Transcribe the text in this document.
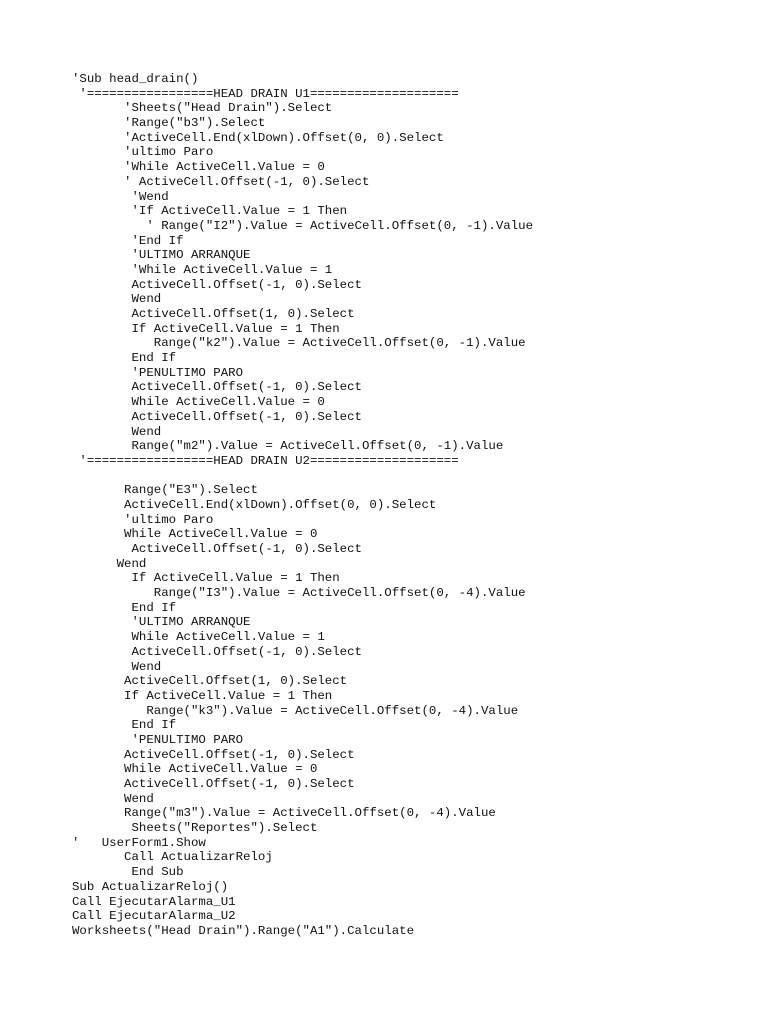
'Sub head_drain()
'=================HEAD DRAIN U1====================
'Sheets("Head Drain").Select
'Range("b3").Select
'ActiveCell.End(xlDown).Offset(0, 0).Select
'ultimo Paro
'While ActiveCell.Value = 0
' ActiveCell.Offset(-1, 0).Select
'Wend
'If ActiveCell.Value = 1 Then
' Range("I2").Value = ActiveCell.Offset(0, -1).Value
'End If
'ULTIMO ARRANQUE
'While ActiveCell.Value = 1
ActiveCell.Offset(-1, 0).Select
Wend
ActiveCell.Offset(1, 0).Select
If ActiveCell.Value = 1 Then
Range("k2").Value = ActiveCell.Offset(0, -1).Value
End If
'PENULTIMO PARO
ActiveCell.Offset(-1, 0).Select
While ActiveCell.Value = 0
ActiveCell.Offset(-1, 0).Select
Wend
Range("m2").Value = ActiveCell.Offset(0, -1).Value
'=================HEAD DRAIN U2====================

Range("E3").Select
ActiveCell.End(xlDown).Offset(0, 0).Select
'ultimo Paro
While ActiveCell.Value = 0
ActiveCell.Offset(-1, 0).Select
Wend
If ActiveCell.Value = 1 Then
Range("I3").Value = ActiveCell.Offset(0, -4).Value
End If
'ULTIMO ARRANQUE
While ActiveCell.Value = 1
ActiveCell.Offset(-1, 0).Select
Wend
ActiveCell.Offset(1, 0).Select
If ActiveCell.Value = 1 Then
Range("k3").Value = ActiveCell.Offset(0, -4).Value
End If
'PENULTIMO PARO
ActiveCell.Offset(-1, 0).Select
While ActiveCell.Value = 0
ActiveCell.Offset(-1, 0).Select
Wend
Range("m3").Value = ActiveCell.Offset(0, -4).Value
Sheets("Reportes").Select
'   UserForm1.Show
Call ActualizarReloj
End Sub
Sub ActualizarReloj()
Call EjecutarAlarma_U1
Call EjecutarAlarma_U2
Worksheets("Head Drain").Range("A1").Calculate
